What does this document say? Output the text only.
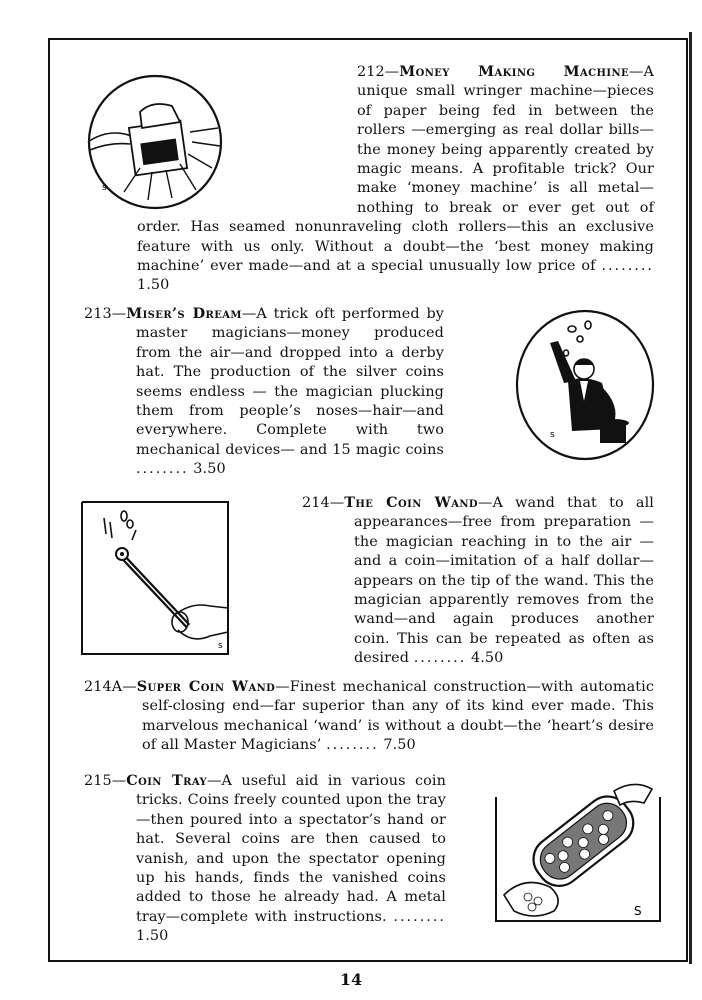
s
s
s
S
14
212—Money Making Machine—A unique small wringer machine—pieces of paper being fed in between the rollers —emerging as real dollar bills—the money being apparently created by magic means. A profitable trick? Our make ‘money machine’ is all metal— nothing to break or ever get out of order. Has seamed nonunraveling cloth rollers—this an exclusive feature with us only. Without a doubt—the ‘best money making machine’ ever made—and at a special unusually low price of ........ 1.50
213—Miser’s Dream—A trick oft performed by master magicians—money produced from the air—and dropped into a derby hat. The production of the silver coins seems endless — the magician plucking them from people’s noses—hair—and everywhere. Complete with two mechanical devices— and 15 magic coins ........ 3.50
214—The Coin Wand—A wand that to all appearances—free from preparation —the magician reaching in to the air —and a coin—imitation of a half dollar—appears on the tip of the wand. This the magician apparently removes from the wand—and again produces another coin. This can be repeated as often as desired ........ 4.50
214A—Super Coin Wand—Finest mechanical construction—with automatic self-closing end—far superior than any of its kind ever made. This marvelous mechanical ‘wand’ is without a doubt—the ‘heart’s desire of all Master Magicians’ ........ 7.50
215—Coin Tray—A useful aid in various coin tricks. Coins freely counted upon the tray—then poured into a spectator’s hand or hat. Several coins are then caused to vanish, and upon the spectator opening up his hands, finds the vanished coins added to those he already had. A metal tray—complete with instructions. ........ 1.50
